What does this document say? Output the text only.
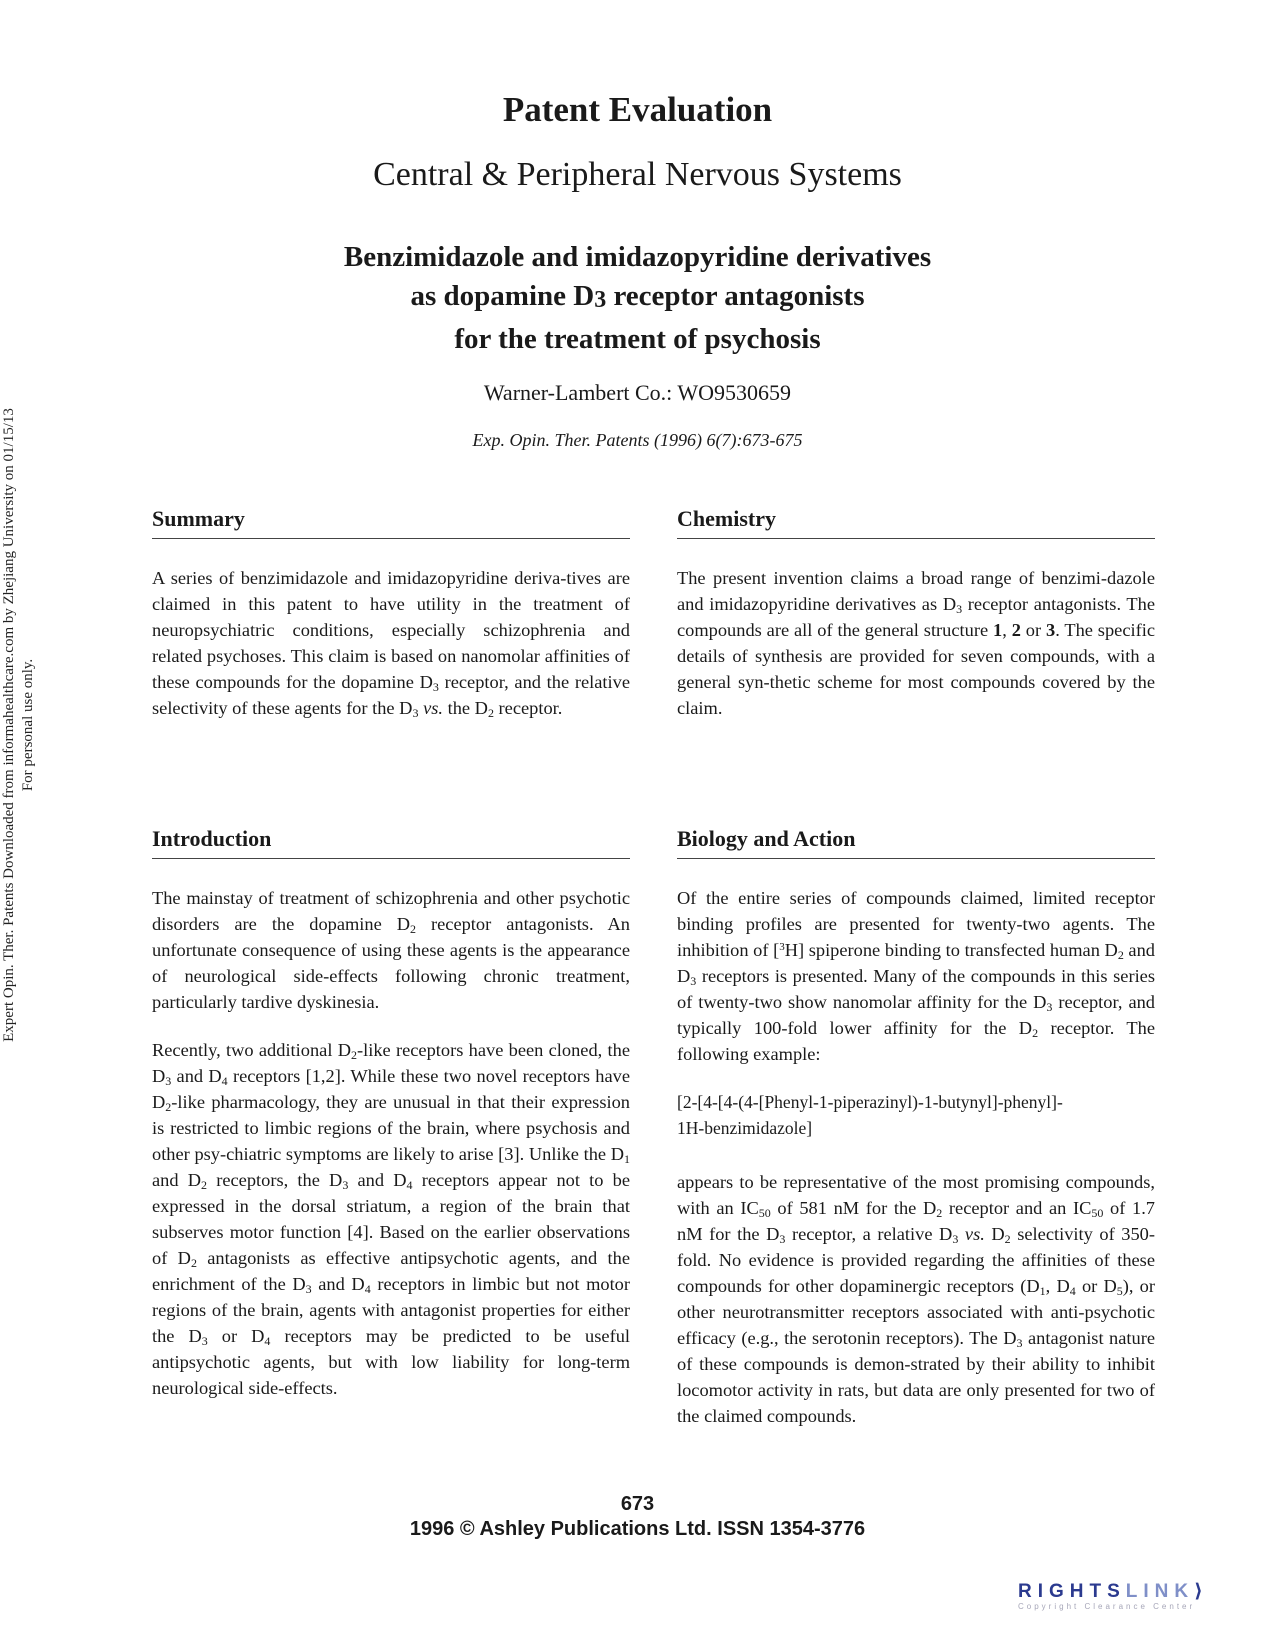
Expert Opin. Ther. Patents Downloaded from informahealthcare.com by Zhejiang University on 01/15/13 For personal use only.
Patent Evaluation
Central & Peripheral Nervous Systems
Benzimidazole and imidazopyridine derivatives
as dopamine D3 receptor antagonists
for the treatment of psychosis
Warner-Lambert Co.: WO9530659
Exp. Opin. Ther. Patents (1996) 6(7):673-675
Summary

A series of benzimidazole and imidazopyridine deriva-tives are claimed in this patent to have utility in the treatment of neuropsychiatric conditions, especially schizophrenia and related psychoses. This claim is based on nanomolar affinities of these compounds for the dopamine $D_3$ receptor, and the relative selectivity of these agents for the $D_3$ vs. the $D_2$ receptor.

Introduction

The mainstay of treatment of schizophrenia and other psychotic disorders are the dopamine $D_2$ receptor antagonists. An unfortunate consequence of using these agents is the appearance of neurological side-effects following chronic treatment, particularly tardive dyskinesia.

Recently, two additional $D_2$-like receptors have been cloned, the $D_3$ and $D_4$ receptors [1,2]. While these two novel receptors have $D_2$-like pharmacology, they are unusual in that their expression is restricted to limbic regions of the brain, where psychosis and other psy-chiatric symptoms are likely to arise [3]. Unlike the $D_1$ and $D_2$ receptors, the $D_3$ and $D_4$ receptors appear not to be expressed in the dorsal striatum, a region of the brain that subserves motor function [4]. Based on the earlier observations of $D_2$ antagonists as effective antipsychotic agents, and the enrichment of the $D_3$ and $D_4$ receptors in limbic but not motor regions of the brain, agents with antagonist properties for either the $D_3$ or $D_4$ receptors may be predicted to be useful antipsychotic agents, but with low liability for long-term neurological side-effects.

Chemistry

The present invention claims a broad range of benzimi-dazole and imidazopyridine derivatives as $D_3$ receptor antagonists. The compounds are all of the general structure 1, 2 or 3. The specific details of synthesis are provided for seven compounds, with a general syn-thetic scheme for most compounds covered by the claim.

Biology and Action

Of the entire series of compounds claimed, limited receptor binding profiles are presented for twenty-two agents. The inhibition of [$^3$H] spiperone binding to transfected human $D_2$ and $D_3$ receptors is presented. Many of the compounds in this series of twenty-two show nanomolar affinity for the $D_3$ receptor, and typically 100-fold lower affinity for the $D_2$ receptor. The following example:

[2-[4-[4-(4-[Phenyl-1-piperazinyl)-1-butynyl]-phenyl]-
1H-benzimidazole]

appears to be representative of the most promising compounds, with an $IC_{50}$ of 581 nM for the $D_2$ receptor and an $IC_{50}$ of 1.7 nM for the $D_3$ receptor, a relative $D_3$ vs. $D_2$ selectivity of 350-fold. No evidence is provided regarding the affinities of these compounds for other dopaminergic receptors ($D_1$, $D_4$ or $D_5$), or other neurotransmitter receptors associated with anti-psychotic efficacy (e.g., the serotonin receptors). The $D_3$ antagonist nature of these compounds is demon-strated by their ability to inhibit locomotor activity in rats, but data are only presented for two of the claimed compounds.

673
1996 © Ashley Publications Ltd. ISSN 1354-3776
RIGHTSLINK⟩
Copyright Clearance Center
